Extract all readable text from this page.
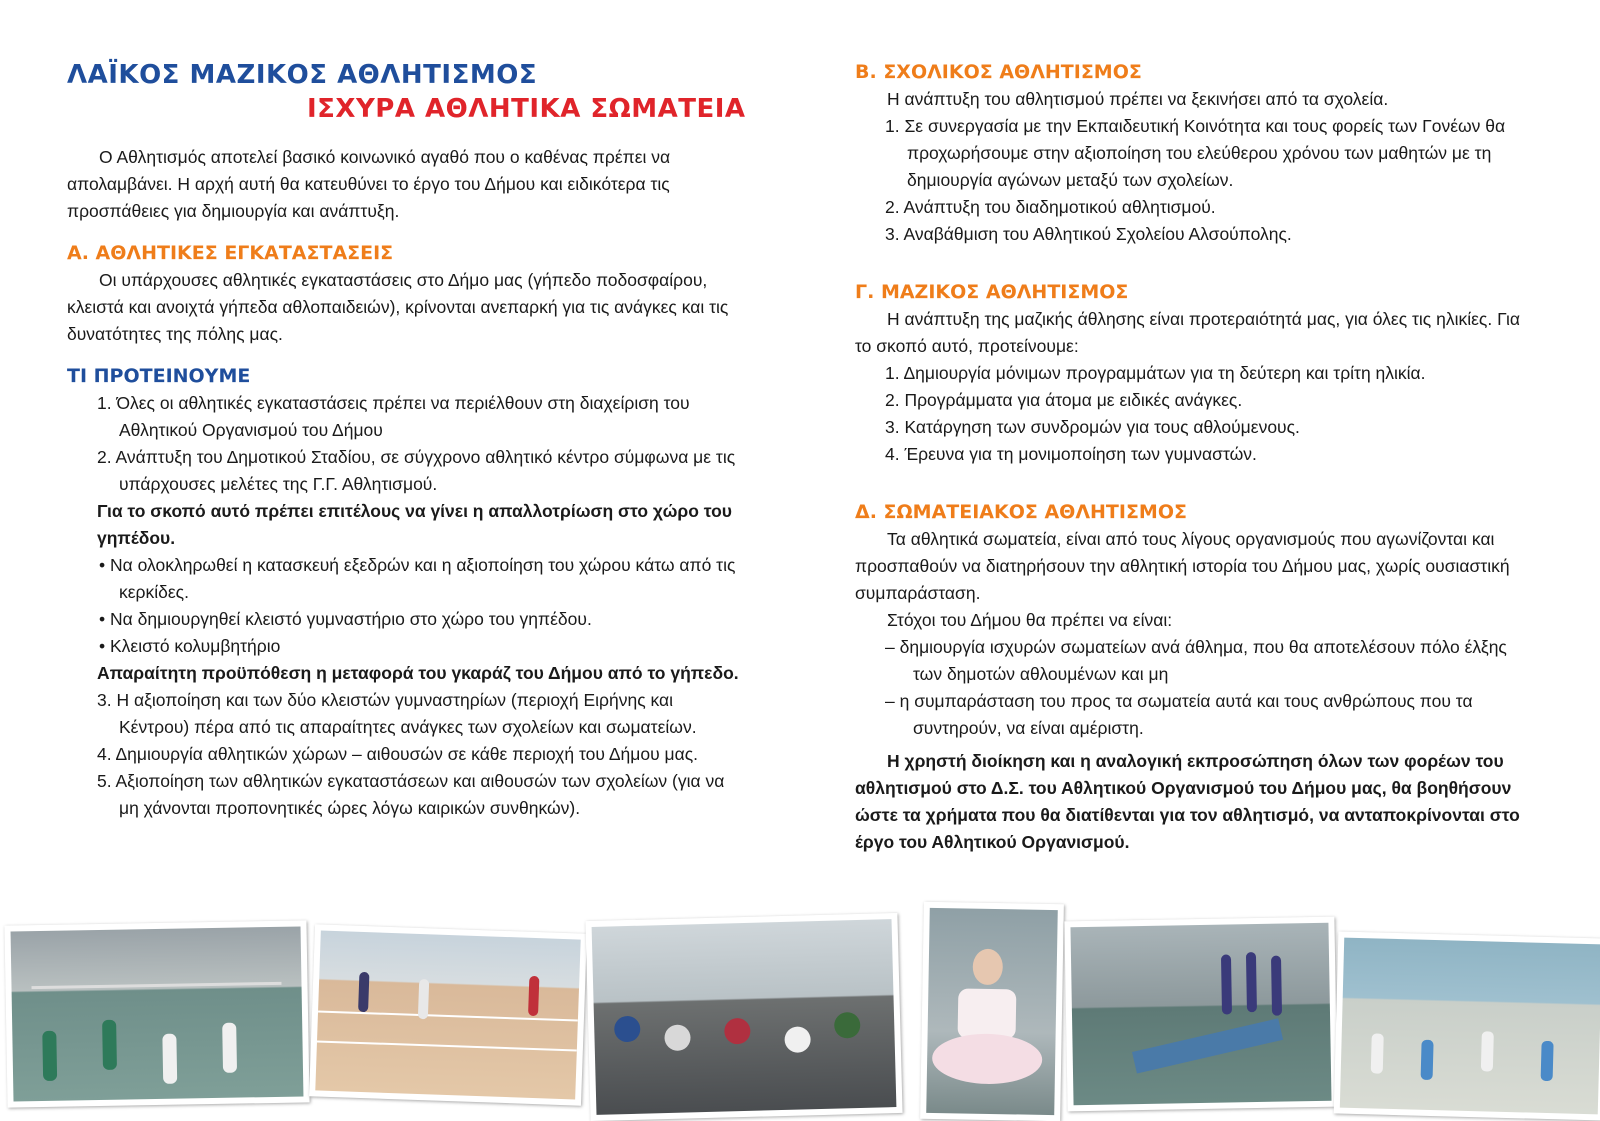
ΛΑΪΚΟΣ ΜΑΖΙΚΟΣ ΑΘΛΗΤΙΣΜΟΣ
ΙΣΧΥΡΑ ΑΘΛΗΤΙΚΑ ΣΩΜΑΤΕΙΑ

Ο Αθλητισμός αποτελεί βασικό κοινωνικό αγαθό που ο καθένας πρέπει να απολαμβάνει. Η αρχή αυτή θα κατευθύνει το έργο του Δήμου και ειδικότερα τις προσπάθειες για δημιουργία και ανάπτυξη.

Α. ΑΘΛΗΤΙΚΕΣ ΕΓΚΑΤΑΣΤΑΣΕΙΣ

Οι υπάρχουσες αθλητικές εγκαταστάσεις στο Δήμο μας (γήπεδο ποδοσφαίρου, κλειστά και ανοιχτά γήπεδα αθλοπαιδειών), κρίνονται ανεπαρκή για τις ανάγκες και τις δυνατότητες της πόλης μας.

ΤΙ ΠΡΟΤΕΙΝΟΥΜΕ
1. Όλες οι αθλητικές εγκαταστάσεις πρέπει να περιέλθουν στη διαχείριση του Αθλητικού Οργανισμού του Δήμου
2. Ανάπτυξη του Δημοτικού Σταδίου, σε σύγχρονο αθλητικό κέντρο σύμφωνα με τις υπάρχουσες μελέτες της Γ.Γ. Αθλητισμού.

Για το σκοπό αυτό πρέπει επιτέλους να γίνει η απαλλοτρίωση στο χώρο του γηπέδου.

• Να ολοκληρωθεί η κατασκευή εξεδρών και η αξιοποίηση του χώρου κάτω από τις κερκίδες.
• Να δημιουργηθεί κλειστό γυμναστήριο στο χώρο του γηπέδου.
• Κλειστό κολυμβητήριο

Απαραίτητη προϋπόθεση η μεταφορά του γκαράζ του Δήμου από το γήπεδο.

3. Η αξιοποίηση και των δύο κλειστών γυμναστηρίων (περιοχή Ειρήνης και Κέντρου) πέρα από τις απαραίτητες ανάγκες των σχολείων και σωματείων.
4. Δημιουργία αθλητικών χώρων – αιθουσών σε κάθε περιοχή του Δήμου μας.
5. Αξιοποίηση των αθλητικών εγκαταστάσεων και αιθουσών των σχολείων (για να μη χάνονται προπονητικές ώρες λόγω καιρικών συνθηκών).
Β. ΣΧΟΛΙΚΟΣ ΑΘΛΗΤΙΣΜΟΣ

Η ανάπτυξη του αθλητισμού πρέπει να ξεκινήσει από τα σχολεία.

1. Σε συνεργασία με την Εκπαιδευτική Κοινότητα και τους φορείς των Γονέων θα προχωρήσουμε στην αξιοποίηση του ελεύθερου χρόνου των μαθητών με τη δημιουργία αγώνων μεταξύ των σχολείων.
2. Ανάπτυξη του διαδημοτικού αθλητισμού.
3. Αναβάθμιση του Αθλητικού Σχολείου Αλσούπολης.
Γ. ΜΑΖΙΚΟΣ ΑΘΛΗΤΙΣΜΟΣ

Η ανάπτυξη της μαζικής άθλησης είναι προτεραιότητά μας, για όλες τις ηλικίες. Για το σκοπό αυτό, προτείνουμε:

1. Δημιουργία μόνιμων προγραμμάτων για τη δεύτερη και τρίτη ηλικία.
2. Προγράμματα για άτομα με ειδικές ανάγκες.
3. Κατάργηση των συνδρομών για τους αθλούμενους.
4. Έρευνα για τη μονιμοποίηση των γυμναστών.
Δ. ΣΩΜΑΤΕΙΑΚΟΣ ΑΘΛΗΤΙΣΜΟΣ

Τα αθλητικά σωματεία, είναι από τους λίγους οργανισμούς που αγωνίζονται και προσπαθούν να διατηρήσουν την αθλητική ιστορία του Δήμου μας, χωρίς ουσιαστική συμπαράσταση.

Στόχοι του Δήμου θα πρέπει να είναι:

– δημιουργία ισχυρών σωματείων ανά άθλημα, που θα αποτελέσουν πόλο έλξης των δημοτών αθλουμένων και μη
– η συμπαράσταση του προς τα σωματεία αυτά και τους ανθρώπους που τα συντηρούν, να είναι αμέριστη.

Η χρηστή διοίκηση και η αναλογική εκπροσώπηση όλων των φορέων του αθλητισμού στο Δ.Σ. του Αθλητικού Οργανισμού του Δήμου μας, θα βοηθήσουν ώστε τα χρήματα που θα διατίθενται για τον αθλητισμό, να ανταποκρίνονται στο έργο του Αθλητικού Οργανισμού.
